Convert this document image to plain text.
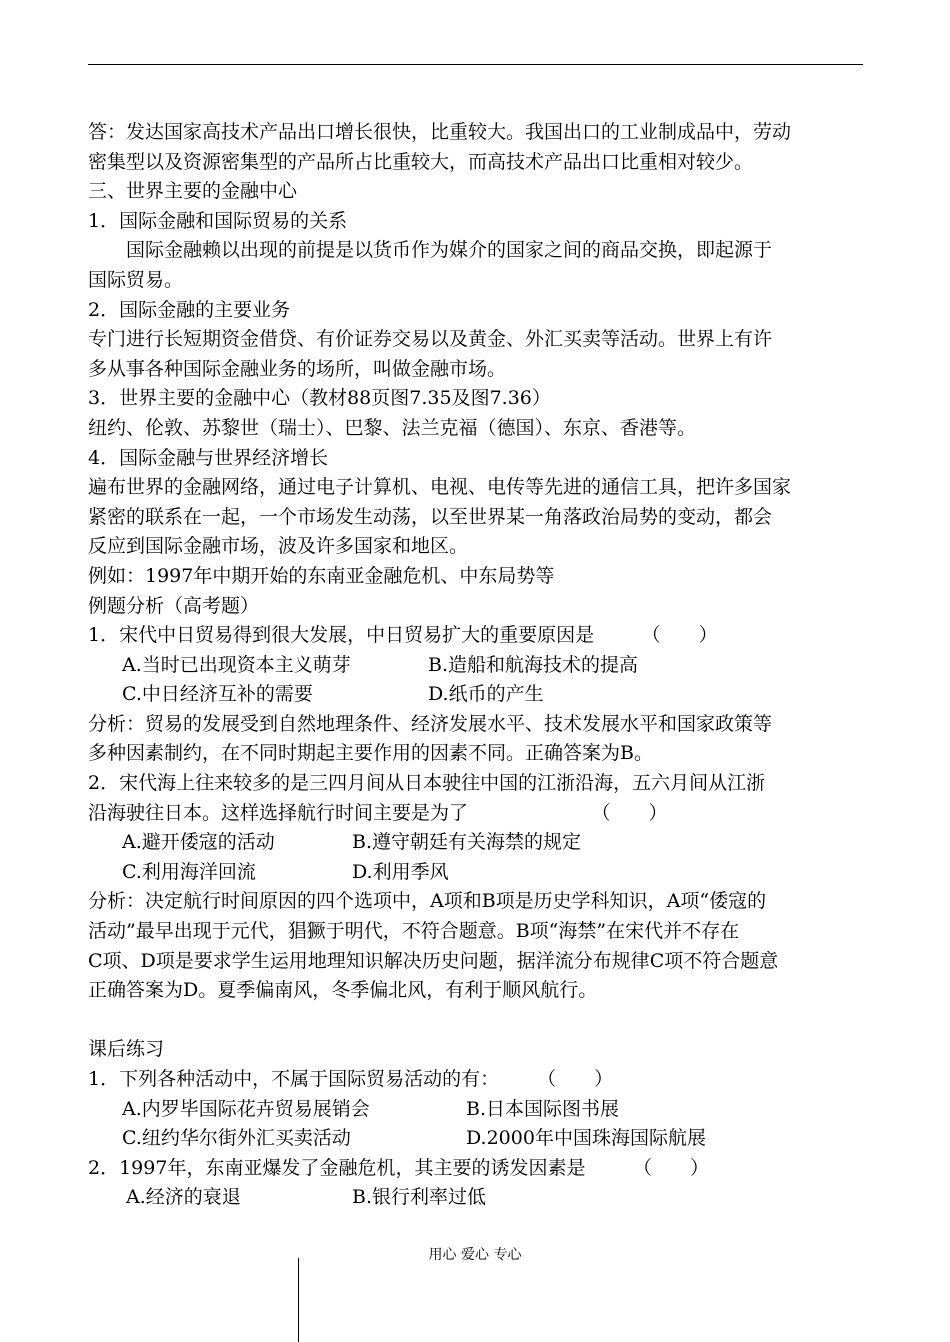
答：发达国家高技术产品出口增长很快，比重较大。我国出口的工业制成品中，劳动
密集型以及资源密集型的产品所占比重较大，而高技术产品出口比重相对较少。
三、世界主要的金融中心
1．国际金融和国际贸易的关系
国际金融赖以出现的前提是以货币作为媒介的国家之间的商品交换，即起源于
国际贸易。
2．国际金融的主要业务
专门进行长短期资金借贷、有价证券交易以及黄金、外汇买卖等活动。世界上有许
多从事各种国际金融业务的场所，叫做金融市场。
3．世界主要的金融中心（教材88页图7.35及图7.36）
纽约、伦敦、苏黎世（瑞士）、巴黎、法兰克福（德国）、东京、香港等。
4．国际金融与世界经济增长
遍布世界的金融网络，通过电子计算机、电视、电传等先进的通信工具，把许多国家
紧密的联系在一起，一个市场发生动荡，以至世界某一角落政治局势的变动，都会
反应到国际金融市场，波及许多国家和地区。
例如：1997年中期开始的东南亚金融危机、中东局势等
例题分析（高考题）
1．宋代中日贸易得到很大发展，中日贸易扩大的重要原因是　　　（　　）
A.当时已出现资本主义萌芽	B.造船和航海技术的提高
C.中日经济互补的需要	D.纸币的产生
分析：贸易的发展受到自然地理条件、经济发展水平、技术发展水平和国家政策等
多种因素制约，在不同时期起主要作用的因素不同。正确答案为B。
2．宋代海上往来较多的是三四月间从日本驶往中国的江浙沿海，五六月间从江浙
沿海驶往日本。这样选择航行时间主要是为了　　　　　　　（　　）
A.避开倭寇的活动	B.遵守朝廷有关海禁的规定
C.利用海洋回流	D.利用季风
分析：决定航行时间原因的四个选项中，A项和B项是历史学科知识，A项“倭寇的
活动”最早出现于元代，猖獗于明代，不符合题意。B项“海禁”在宋代并不存在
C项、D项是要求学生运用地理知识解决历史问题，据洋流分布规律C项不符合题意
正确答案为D。夏季偏南风，冬季偏北风，有利于顺风航行。
课后练习
1．下列各种活动中，不属于国际贸易活动的有：　　　（　　）
A.内罗毕国际花卉贸易展销会	B.日本国际图书展
C.纽约华尔街外汇买卖活动	D.2000年中国珠海国际航展
2．1997年，东南亚爆发了金融危机，其主要的诱发因素是　　　（　　）
A.经济的衰退	B.银行利率过低
用心 爱心 专心
